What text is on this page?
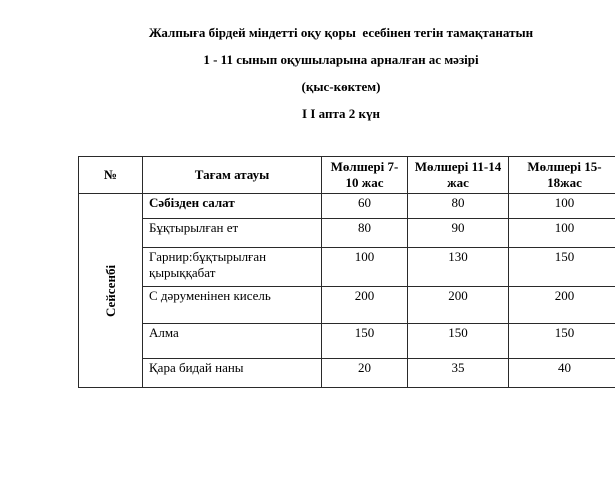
Жалпыға бірдей міндетті оқу қоры  есебінен тегін тамақтанатын
1 - 11 сынып оқушыларына арналған ас мәзірі
(қыс-көктем)
I I апта 2 күн
№	Тағам атауы	Мөлшері 7-10 жас	Мөлшері 11-14 жас	Мөлшері 15-18жас

Сейсенбі	Сәбізден салат	60	80	100
	Бұқтырылған ет	80	90	100
	Гарнир:бұқтырылған қырыққабат	100	130	150
	С дәруменінен кисель	200	200	200
	Алма	150	150	150
	Қара бидай наны	20	35	40
